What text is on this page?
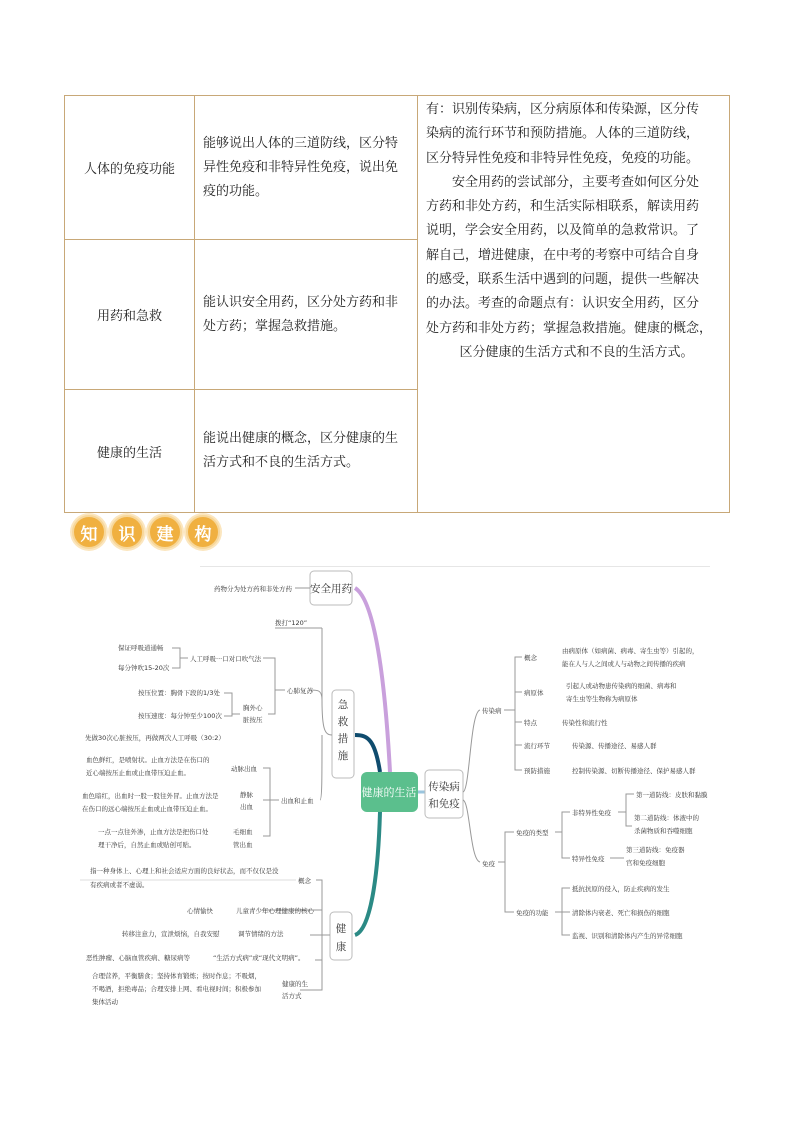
人体的免疫功能
能够说出人体的三道防线，区分特
异性免疫和非特异性免疫，说出免
疫的功能。
用药和急救
能认识安全用药，区分处方药和非
处方药；掌握急救措施。
健康的生活
能说出健康的概念，区分健康的生
活方式和不良的生活方式。

有：识别传染病，区分病原体和传染源，区分传

染病的流行环节和预防措施。人体的三道防线，

区分特异性免疫和非特异性免疫，免疫的功能。

安全用药的尝试部分，主要考查如何区分处

方药和非处方药，和生活实际相联系，解读用药

说明，学会安全用药，以及简单的急救常识。了

解自己，增进健康，在中考的考察中可结合自身

的感受，联系生活中遇到的问题，提供一些解决

的办法。考查的命题点有：认识安全用药，区分

处方药和非处方药；掌握急救措施。健康的概念，

区分健康的生活方式和不良的生活方式。

知	识	建	构
健康的生活
安全用药
药物分为处方药和非处方药
急
救
措
施
拨打“120”
心肺复苏
人工呼吸···口对口吹气法
保证呼吸道通畅
每分钟吹15-20次
胸外心
脏按压
按压位置：胸骨下段的1/3处
按压速度：每分钟至少100次
先做30次心脏按压，再做两次人工呼吸（30:2）
出血和止血
动脉出血
血色鲜红，是喷射状。止血方法是在伤口的
近心端按压止血或止血带压迫止血。
静脉
出血
血色暗红，出血时一股一股往外冒。止血方法是
在伤口的远心端按压止血或止血带压迫止血。
毛细血
管出血
一点一点往外渗，止血方法是把伤口处
理干净后，自然止血或贴创可贴。
健
康
概念
指一种身体上、心理上和社会适应方面的良好状态，而不仅仅是没
有疾病或者不虚弱。
儿童青少年心理健康的核心
心情愉快
调节情绪的方法
转移注意力，宣泄烦恼，自我安慰
“生活方式病”或“现代文明病”。
恶性肿瘤、心脑血管疾病、糖尿病等
健康的生
活方式
合理营养，平衡膳食；坚持体育锻炼；按时作息；不吸烟，
不喝酒，拒绝毒品；合理安排上网、看电视时间；积极参加
集体活动
传染病
和免疫
传染病
概念
由病原体（如病菌、病毒、寄生虫等）引起的，
能在人与人之间或人与动物之间传播的疾病
病原体
引起人或动物患传染病的细菌、病毒和
寄生虫等生物称为病原体
特点	传染性和流行性
流行环节	传染源、传播途径、易感人群
预防措施	控制传染源、切断传播途径、保护易感人群
免疫
免疫的类型
非特异性免疫
第一道防线：皮肤和黏膜
第二道防线：体液中的
杀菌物质和吞噬细胞
特异性免疫
第三道防线：免疫器
官和免疫细胞
免疫的功能
抵抗抗原的侵入，防止疾病的发生
清除体内衰老、死亡和损伤的细胞
监视、识别和清除体内产生的异常细胞
